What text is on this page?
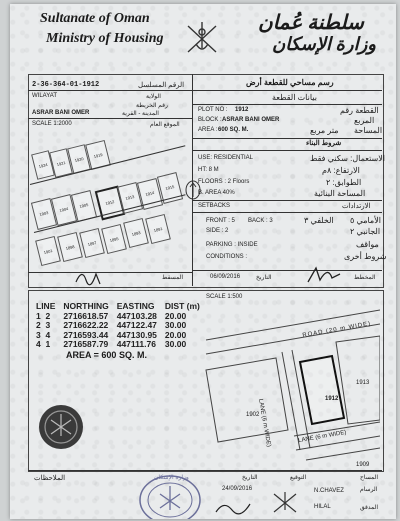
Sultanate of Oman
Ministry of Housing
سلطنة عُمان
وزارة الإسكان
رسم مساحي للقطعة أرض
بيانات القطعة
2-36-364-01-1912	الرقم المسلسل
WILAYAT	الولاية
رقم الخريطة
ASRAR BANI OMER	المدينة - القرية
SCALE 1:2000	الموقع العام
1924	1921
1920
1919
1903
1904
1905	1912
1913
1914
1915
1901
1898
1897
1895
1893
1891
المسقط
PLOT NO : 1912	القطعة رقم
BLOCK : ASRAR BANI OMER	المربع
AREA : 600 SQ. M.	متر مربع المساحة
شروط البناء
USE: RESIDENTIAL	الاستعمال: سكني فقط
HT: 8 M	الارتفاع: ٨م
FLOORS : 2 Floors	الطوابق: ٢
B. AREA 40%	المساحة البنائية
SETBACKS	الارتدادات
FRONT : 5 BACK : 3	الخلفي ٣ الأمامي ٥
SIDE : 2	الجانبي ٢
PARKING : INSIDE	مواقف
CONDITIONS :	شروط أخرى
06/09/2016	التاريخ	المخطط
SCALE 1:500
LINE	NORTHING	EASTING	DIST (m)
1 2	2716618.57	447103.28	20.00
2 3	2716622.22	447122.47	30.00
3 4	2716593.44	447130.95	20.00
4 1	2716587.79	447111.76	30.00
AREA = 600 SQ. M.
ROAD (20 m WIDE)
LANE (6 m WIDE)	LANE (6 m WIDE)
1912
1913
1902
1909
الملاحظات	وزارة الإسكان	التاريخ	التوقيع	المساح
24/09/2016	N.CHAVEZ	الرسام
HILAL	المدقق
